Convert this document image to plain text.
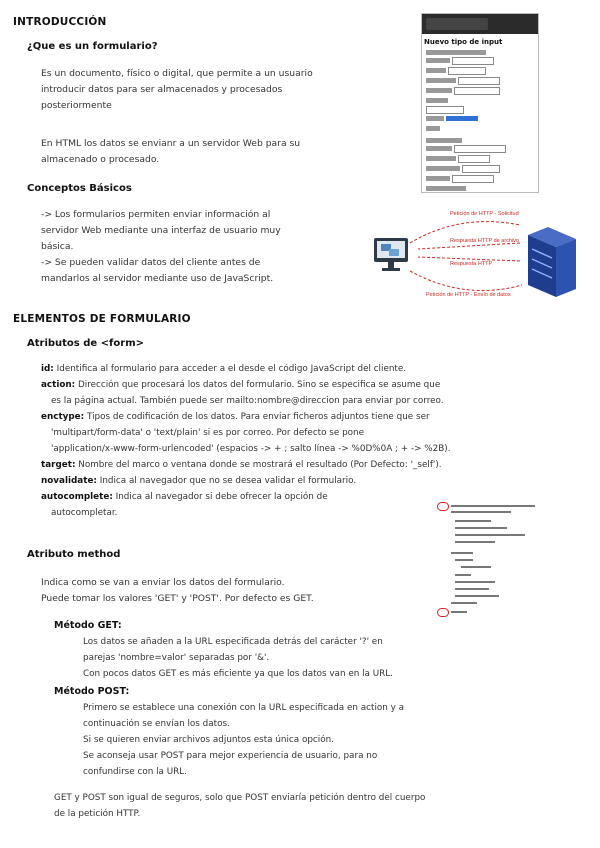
INTRODUCCIÓN
¿Que es un formulario?
Es un documento, físico o digital, que permite a un usuario
introducir datos para ser almacenados y procesados
posteriormente
En HTML los datos se envianr a un servidor Web para su
almacenado o procesado.
Nuevo tipo de input
Conceptos Básicos
-> Los formularios permiten enviar información al
servidor Web mediante una interfaz de usuario muy
básica.
-> Se pueden validar datos del cliente antes de
mandarlos al servidor mediante uso de JavaScript.
Petición de HTTP - Solicitud
Respuesta HTTP de archivo
Respuesta HTTP
Petición de HTTP - Envío de datos
ELEMENTOS DE FORMULARIO
Atributos de <form>
id: Identifica al formulario para acceder a el desde el código JavaScript del cliente.
action: Dirección que procesará los datos del formulario. Sino se especifica se asume que
es la página actual. También puede ser mailto:nombre@direccion para enviar por correo.
enctype: Tipos de codificación de los datos. Para enviar ficheros adjuntos tiene que ser
'multipart/form-data' o 'text/plain' si es por correo. Por defecto se pone
'application/x-www-form-urlencoded' (espacios -> + ; salto línea -> %0D%0A ; + -> %2B).
target: Nombre del marco o ventana donde se mostrará el resultado (Por Defecto: '_self').
novalidate: Indica al navegador que no se desea validar el formulario.
autocomplete: Indica al navegador si debe ofrecer la opción de
autocompletar.
Atributo method
Indica como se van a enviar los datos del formulario.
Puede tomar los valores 'GET' y 'POST'. Por defecto es GET.
Método GET:
Los datos se añaden a la URL especificada detrás del carácter '?' en
parejas 'nombre=valor' separadas por '&'.
Con pocos datos GET es más eficiente ya que los datos van en la URL.
Método POST:
Primero se establece una conexión con la URL especificada en action y a
continuación se envían los datos.
Si se quieren enviar archivos adjuntos esta única opción.
Se aconseja usar POST para mejor experiencia de usuario, para no
confundirse con la URL.
GET y POST son igual de seguros, solo que POST enviaría petición dentro del cuerpo
de la petición HTTP.
